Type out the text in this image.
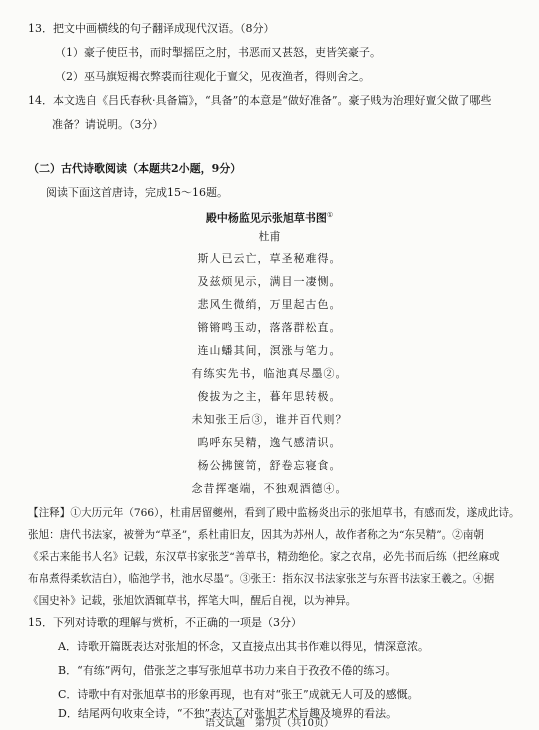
13．把文中画横线的句子翻译成现代汉语。（8分）
（1）豪子使臣书，而时掣摇臣之肘，书恶而又甚怒，吏皆笑豪子。
（2）巫马旗短褐衣弊裘而往观化于亶父，见夜渔者，得则舍之。
14．本文选自《吕氏春秋·具备篇》，“具备”的本意是“做好准备”。豪子贱为治理好亶父做了哪些
准备？请说明。（3分）
（二）古代诗歌阅读（本题共2小题，9分）
阅读下面这首唐诗，完成15～16题。
殿中杨监见示张旭草书图①
杜甫
斯人已云亡，草圣秘难得。
及兹烦见示，满目一凄恻。
悲风生微绡，万里起古色。
锵锵鸣玉动，落落群松直。
连山蟠其间，溟涨与笔力。
有练实先书，临池真尽墨②。
俊拔为之主，暮年思转极。
未知张王后③，谁并百代则？
呜呼东吴精，逸气感清识。
杨公拂箧笥，舒卷忘寝食。
念昔挥毫端，不独观酒德④。
【注释】①大历元年（766），杜甫居留夔州，看到了殿中监杨炎出示的张旭草书，有感而发，遂成此诗。
张旭：唐代书法家，被誉为“草圣”，系杜甫旧友，因其为苏州人，故作者称之为“东吴精”。②南朝
《采古来能书人名》记载，东汉草书家张芝“善草书，精劲绝伦。家之衣帛，必先书而后练（把丝麻或
布帛煮得柔软洁白），临池学书，池水尽墨”。③张王：指东汉书法家张芝与东晋书法家王羲之。④据
《国史补》记载，张旭饮酒辄草书，挥笔大叫，醒后自视，以为神异。
15．下列对诗歌的理解与赏析，不正确的一项是（3分）
A．诗歌开篇既表达对张旭的怀念，又直接点出其书作难以得见，情深意浓。
B．“有练”两句，借张芝之事写张旭草书功力来自于孜孜不倦的练习。
C．诗歌中有对张旭草书的形象再现，也有对“张王”成就无人可及的感慨。
D．结尾两句收束全诗，“不独”表达了对张旭艺术旨趣及境界的看法。
语文试题　第7页（共10页）
